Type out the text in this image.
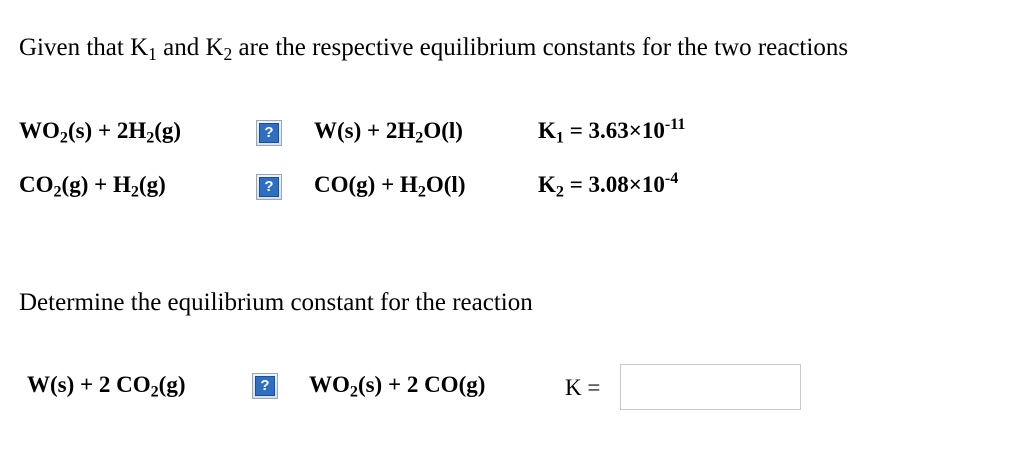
Given that $K_1$ and $K_2$ are the respective equilibrium constants for the two reactions
$WO_2(s) + 2H_2(g)$	? $W(s) + 2H_2O(l)$	$K_1 = 3.63\times 10^{-11}$
$CO_2(g) + H_2(g)$	? $CO(g) + H_2O(l)$	$K_2 = 3.08\times 10^{-4}$
Determine the equilibrium constant for the reaction
W(s) + 2 $CO_2(g)$	? $WO_2(s) + 2$ CO(g)	K =
